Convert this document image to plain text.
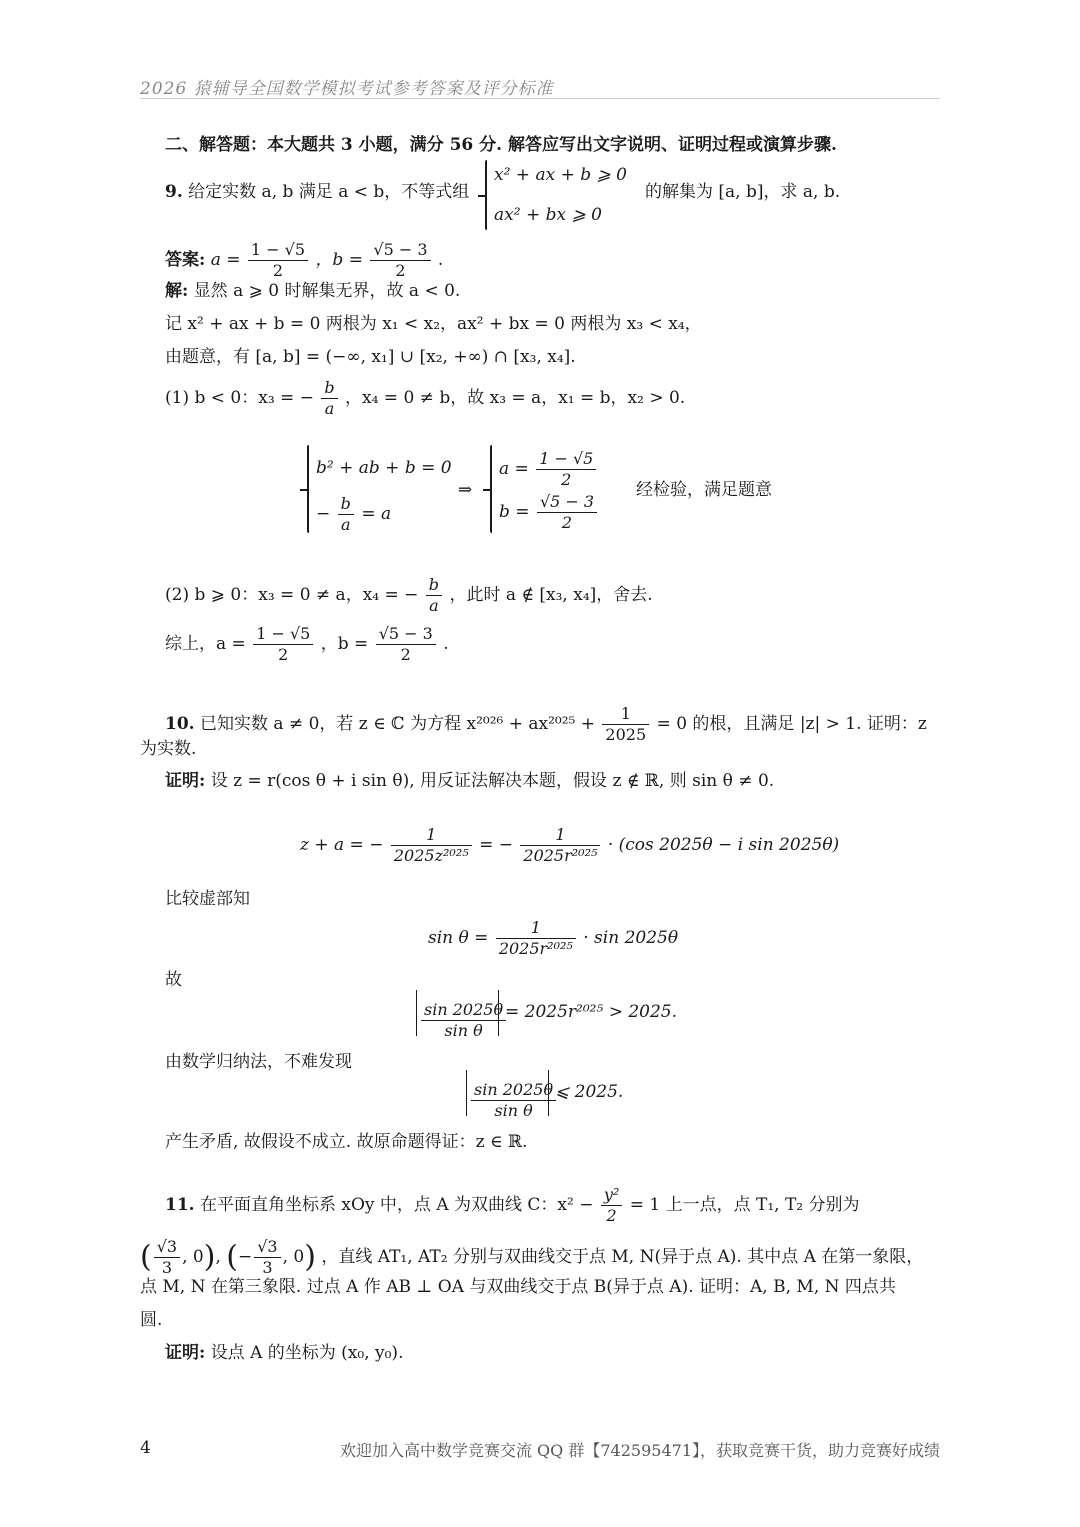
2026 猿辅导全国数学模拟考试参考答案及评分标准
二、解答题：本大题共 3 小题，满分 56 分. 解答应写出文字说明、证明过程或演算步骤.
9. 给定实数 a, b 满足 a < b，不等式组
x² + ax + b ⩾ 0
ax² + bx ⩾ 0
的解集为 [a, b]，求 a, b.
答案: $a = \frac{1 - √5}{2}$ ，$b = \frac{√5 - 3}{2}$ .
解: 显然 a ⩾ 0 时解集无界，故 a < 0.
记 x² + ax + b = 0 两根为 x₁ < x₂，ax² + bx = 0 两根为 x₃ < x₄，
由题意，有 [a, b] = (−∞, x₁] ∪ [x₂, +∞) ∩ [x₃, x₄].
(1) b < 0：x₃ = − $\frac{b}{a}$ ，x₄ = 0 ≠ b，故 x₃ = a，x₁ = b，x₂ > 0.
b² + ab + b = 0
− $\frac{b}{a} = a$
⇒
$a = \frac{1 - √5}{2}$
$b = \frac{√5 - 3}{2}$
经检验，满足题意
(2) b ⩾ 0：x₃ = 0 ≠ a，x₄ = − $\frac{b}{a}$ ，此时 a ∉ [x₃, x₄]，舍去.
综上，$a = \frac{1 - √5}{2}$ ，$b = \frac{√5 - 3}{2}$ .
10. 已知实数 a ≠ 0，若 z ∈ ℂ 为方程 $x^{2026} + ax^{2025} + \frac{1}{2025} = 0$ 的根，且满足 |z| > 1. 证明：z
为实数.
证明: 设 z = r(cos θ + i sin θ), 用反证法解决本题，假设 z ∉ ℝ, 则 sin θ ≠ 0.
z + a = − $\frac{1}{\text{2025z²⁰²⁵}}$ = − $\frac{1}{\text{2025r²⁰²⁵}} \cdot (\cos$ 2025θ − i sin 2025θ)
比较虚部知
$\sin \theta = \frac{1}{\text{2025r²⁰²⁵}} \cdot \sin 2025\theta$
故
$\frac{\sin 2025\theta}{\text{sin θ}}$
= 2025r²⁰²⁵ > 2025.
由数学归纳法，不难发现
$\frac{\sin 2025\theta}{\text{sin θ}}$
⩽ 2025.
产生矛盾, 故假设不成立. 故原命题得证：z ∈ ℝ.
11. 在平面直角坐标系 xOy 中，点 A 为双曲线 C：$x^2 - \frac{\text{y²}}{2} = 1$ 上一点，点 T₁, T₂ 分别为
( $\frac{√3}{3}$ , 0), (− $\frac{√3}{3}$ , 0) ，直线 AT₁, AT₂ 分别与双曲线交于点 M, N(异于点 A). 其中点 A 在第一象限，
点 M, N 在第三象限. 过点 A 作 AB ⊥ OA 与双曲线交于点 B(异于点 A). 证明：A, B, M, N 四点共
圆.
证明: 设点 A 的坐标为 (x₀, y₀).
4	欢迎加入高中数学竞赛交流 QQ 群【742595471】，获取竞赛干货，助力竞赛好成绩
